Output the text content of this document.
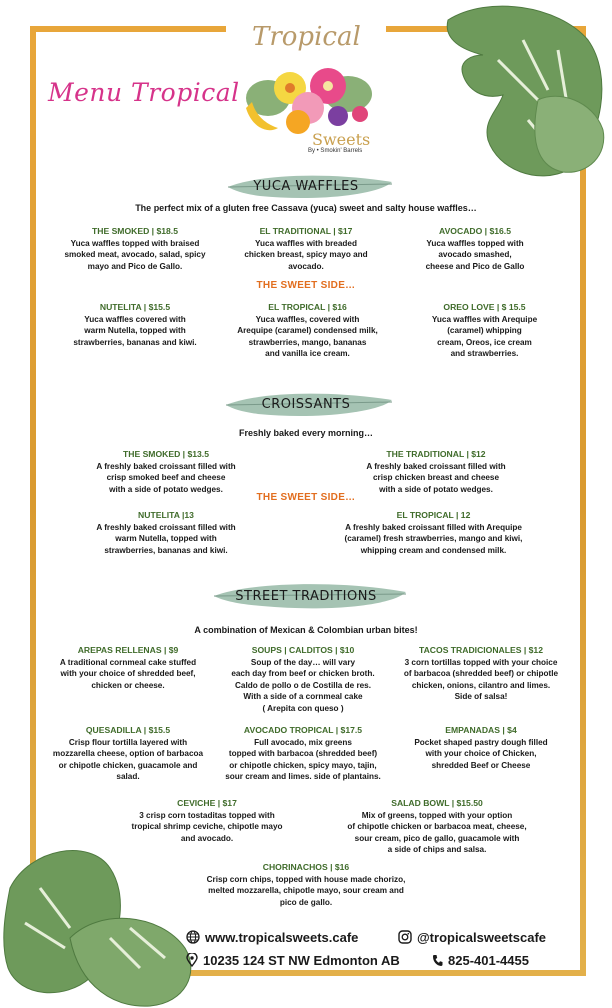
Menu Tropical
Tropical
Sweets
By • Smokin' Barrels
YUCA WAFFLES
The perfect mix of a gluten free Cassava (yuca) sweet and salty house waffles…
THE SMOKED | $18.5
Yuca waffles topped with braised
smoked meat, avocado, salad, spicy
mayo and Pico de Gallo.
EL TRADITIONAL | $17
Yuca waffles with breaded
chicken breast, spicy mayo and
avocado.
AVOCADO | $16.5
Yuca waffles topped with
avocado smashed,
cheese and Pico de Gallo
THE SWEET SIDE…
NUTELITA | $15.5
Yuca waffles covered with
warm Nutella, topped with
strawberries, bananas and kiwi.
EL TROPICAL | $16
Yuca waffles, covered with
Arequipe (caramel) condensed milk,
strawberries, mango, bananas
and vanilla ice cream.
OREO LOVE | $ 15.5
Yuca waffles with Arequipe
(caramel) whipping
cream, Oreos, ice cream
and strawberries.
CROISSANTS
Freshly baked every morning…
THE SMOKED | $13.5
A freshly baked croissant filled with
crisp smoked beef and cheese
with a side of potato wedges.
THE TRADITIONAL | $12
A freshly baked croissant filled with
crisp chicken breast and cheese
with a side of potato wedges.
THE SWEET SIDE…
NUTELITA |13
A freshly baked croissant filled with
warm Nutella, topped with
strawberries, bananas and kiwi.
EL TROPICAL | 12
A freshly baked croissant filled with Arequipe
(caramel) fresh strawberries, mango and kiwi,
whipping cream and condensed milk.
STREET TRADITIONS
A combination of Mexican & Colombian urban bites!
AREPAS RELLENAS | $9
A traditional cornmeal cake stuffed
with your choice of shredded beef,
chicken or cheese.
SOUPS | CALDITOS | $10
Soup of the day… will vary
each day from beef or chicken broth.
Caldo de pollo o de Costilla de res.
With a side of a cornmeal cake
( Arepita con queso )
TACOS TRADICIONALES | $12
3 corn tortillas topped with your choice
of barbacoa (shredded beef) or chipotle
chicken, onions, cilantro and limes.
Side of salsa!
QUESADILLA | $15.5
Crisp flour tortilla layered with
mozzarella cheese, option of barbacoa
or chipotle chicken, guacamole and
salad.
AVOCADO TROPICAL | $17.5
Full avocado, mix greens
topped with barbacoa (shredded beef)
or chipotle chicken, spicy mayo, tajin,
sour cream and limes. side of plantains.
EMPANADAS | $4
Pocket shaped pastry dough filled
with your choice of Chicken,
shredded Beef or Cheese
CEVICHE | $17
3 crisp corn tostaditas topped with
tropical shrimp ceviche, chipotle mayo
and avocado.
SALAD BOWL | $15.50
Mix of greens, topped with your option
of chipotle chicken or barbacoa meat, cheese,
sour cream, pico de gallo, guacamole with
a side of chips and salsa.
CHORINACHOS | $16
Crisp corn chips, topped with house made chorizo,
melted mozzarella, chipotle mayo, sour cream and
pico de gallo.
www.tropicalsweets.cafe	@tropicalsweetscafe
10235 124 ST NW Edmonton AB	825-401-4455
